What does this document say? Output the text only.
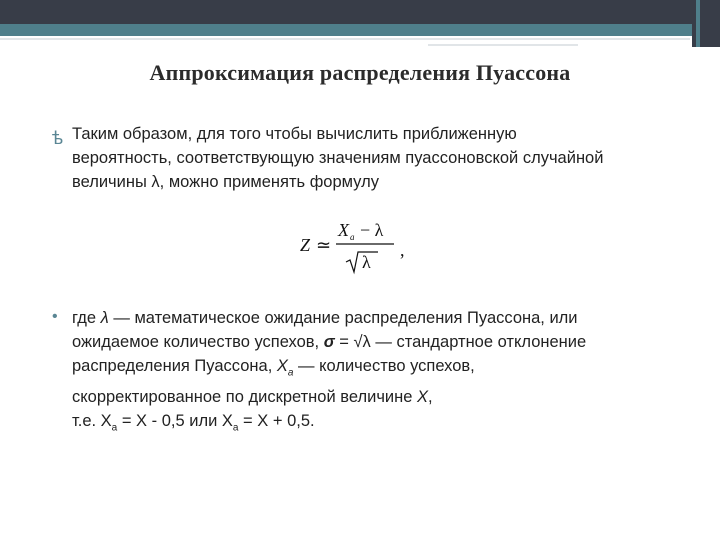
Аппроксимация распределения Пуассона
ѣ Таким образом, для того чтобы вычислить приближенную
вероятность, соответствующую значениям пуассоновской случайной
величины λ, можно применять формулу
Z ≃
X a − λ
λ
,
• где λ — математическое ожидание распределения Пуассона, или
ожидаемое количество успехов, σ = √λ — стандартное отклонение
распределения Пуассона, $X_a$ — количество успехов,
скорректированное по дискретной величине X,
т.е. $X_a = X - 0,5$ или $X_a = X + 0,5$.
